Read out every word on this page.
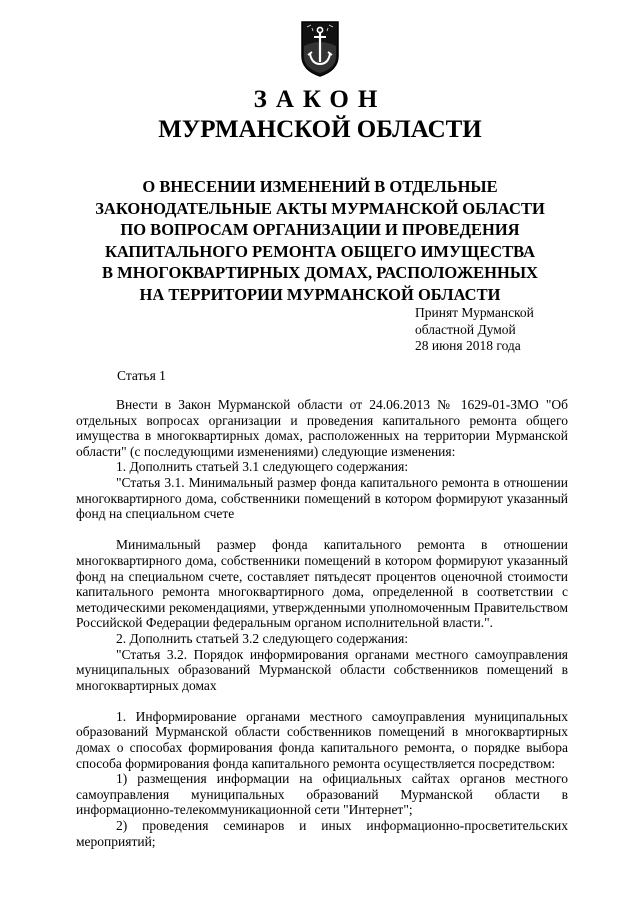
ЗАКОН
МУРМАНСКОЙ ОБЛАСТИ
О ВНЕСЕНИИ ИЗМЕНЕНИЙ В ОТДЕЛЬНЫЕ
ЗАКОНОДАТЕЛЬНЫЕ АКТЫ МУРМАНСКОЙ ОБЛАСТИ
ПО ВОПРОСАМ ОРГАНИЗАЦИИ И ПРОВЕДЕНИЯ
КАПИТАЛЬНОГО РЕМОНТА ОБЩЕГО ИМУЩЕСТВА
В МНОГОКВАРТИРНЫХ ДОМАХ, РАСПОЛОЖЕННЫХ
НА ТЕРРИТОРИИ МУРМАНСКОЙ ОБЛАСТИ
Принят Мурманской
областной Думой
28 июня 2018 года
Статья 1

Внести в Закон Мурманской области от 24.06.2013 № 1629-01-ЗМО "Об отдельных вопросах организации и проведения капитального ремонта общего имущества в многоквартирных домах, расположенных на территории Мурманской области" (с последующими изменениями) следующие изменения:

1. Дополнить статьей 3.1 следующего содержания:

"Статья 3.1. Минимальный размер фонда капитального ремонта в отношении многоквартирного дома, собственники помещений в котором формируют указанный фонд на специальном счете

Минимальный размер фонда капитального ремонта в отношении многоквартирного дома, собственники помещений в котором формируют указанный фонд на специальном счете, составляет пятьдесят процентов оценочной стоимости капитального ремонта многоквартирного дома, определенной в соответствии с методическими рекомендациями, утвержденными уполномоченным Правительством Российской Федерации федеральным органом исполнительной власти.".

2. Дополнить статьей 3.2 следующего содержания:

"Статья 3.2. Порядок информирования органами местного самоуправления муниципальных образований Мурманской области собственников помещений в многоквартирных домах

1. Информирование органами местного самоуправления муниципальных образований Мурманской области собственников помещений в многоквартирных домах о способах формирования фонда капитального ремонта, о порядке выбора способа формирования фонда капитального ремонта осуществляется посредством:

1) размещения информации на официальных сайтах органов местного самоуправления муниципальных образований Мурманской области в информационно-телекоммуникационной сети "Интернет";

2) проведения семинаров и иных информационно-просветительских мероприятий;
